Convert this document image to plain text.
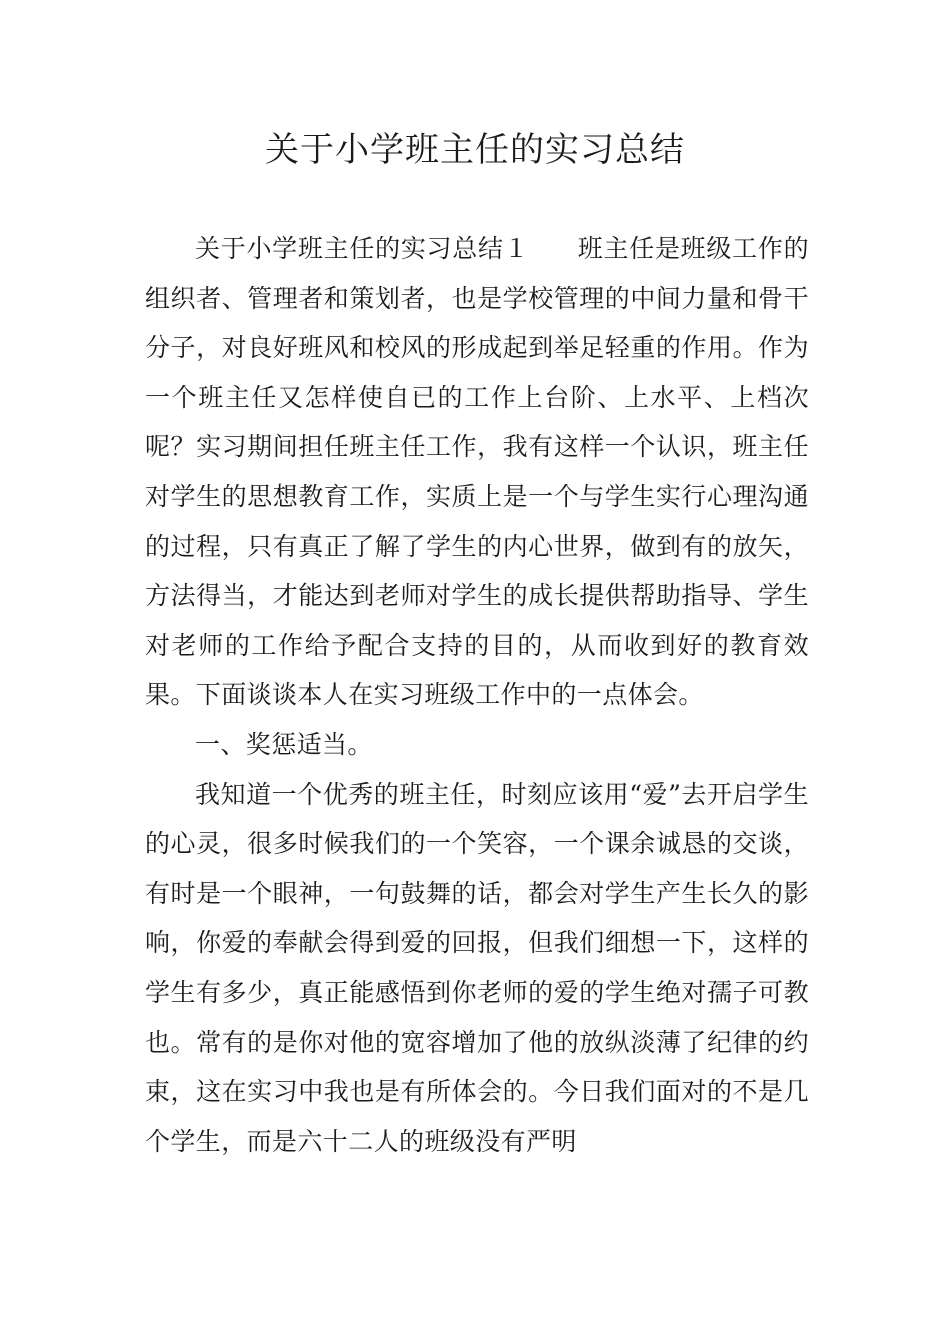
关于小学班主任的实习总结

关于小学班主任的实习总结１ 班主任是班级工作的组织者、管理者和策划者，也是学校管理的中间力量和骨干分子，对良好班风和校风的形成起到举足轻重的作用。作为一个班主任又怎样使自已的工作上台阶、上水平、上档次呢？实习期间担任班主任工作，我有这样一个认识，班主任对学生的思想教育工作，实质上是一个与学生实行心理沟通的过程，只有真正了解了学生的内心世界，做到有的放矢，方法得当，才能达到老师对学生的成长提供帮助指导、学生对老师的工作给予配合支持的目的，从而收到好的教育效果。下面谈谈本人在实习班级工作中的一点体会。

一、奖惩适当。

我知道一个优秀的班主任，时刻应该用“爱”去开启学生的心灵，很多时候我们的一个笑容，一个课余诚恳的交谈，有时是一个眼神，一句鼓舞的话，都会对学生产生长久的影响，你爱的奉献会得到爱的回报，但我们细想一下，这样的学生有多少，真正能感悟到你老师的爱的学生绝对孺子可教也。常有的是你对他的宽容增加了他的放纵淡薄了纪律的约束，这在实习中我也是有所体会的。今日我们面对的不是几个学生，而是六十二人的班级没有严明
